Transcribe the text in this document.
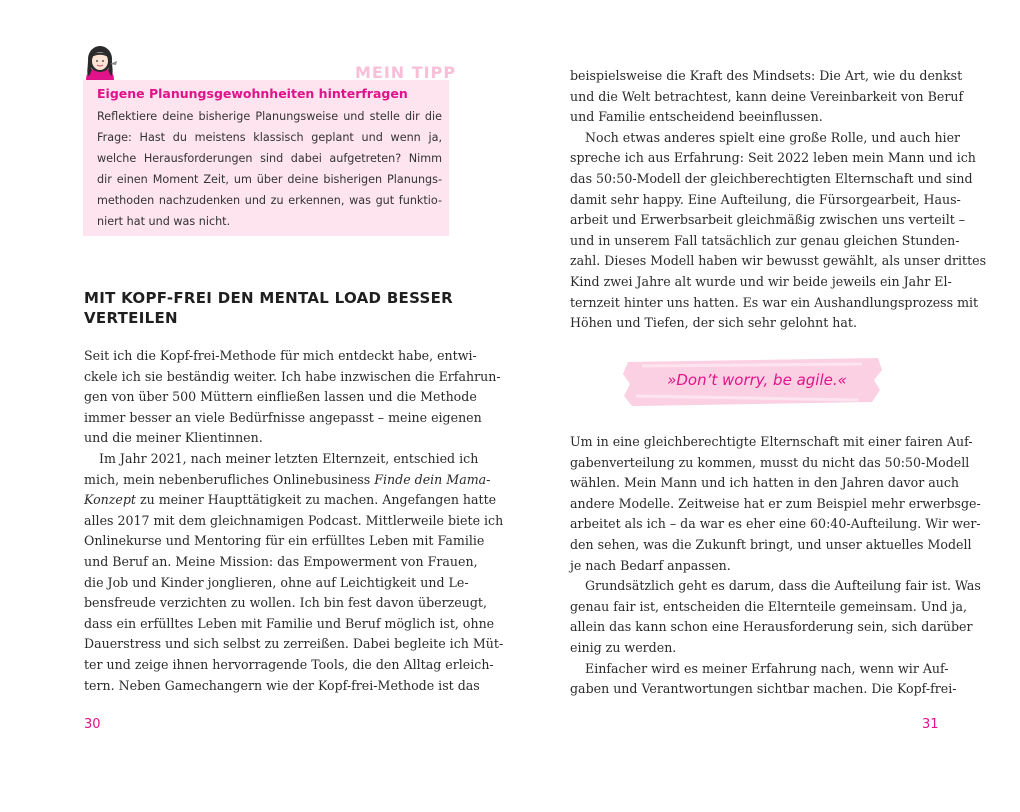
MEIN TIPP
Eigene Planungsgewohnheiten hinterfragen
Reflektiere deine bisherige Planungsweise und stelle dir die
Frage: Hast du meistens klassisch geplant und wenn ja,
welche Herausforderungen sind dabei aufgetreten? Nimm
dir einen Moment Zeit, um über deine bisherigen Planungs-
methoden nachzudenken und zu erkennen, was gut funktio-
niert hat und was nicht.
MIT KOPF-FREI DEN MENTAL LOAD BESSER
VERTEILEN
Seit ich die Kopf-frei-Methode für mich entdeckt habe, entwi-
ckele ich sie beständig weiter. Ich habe inzwischen die Erfahrun-
gen von über 500 Müttern einfließen lassen und die Methode
immer besser an viele Bedürfnisse angepasst – meine eigenen
und die meiner Klientinnen.
Im Jahr 2021, nach meiner letzten Elternzeit, entschied ich
mich, mein nebenberufliches Onlinebusiness Finde dein Mama-
Konzept zu meiner Haupttätigkeit zu machen. Angefangen hatte
alles 2017 mit dem gleichnamigen Podcast. Mittlerweile biete ich
Onlinekurse und Mentoring für ein erfülltes Leben mit Familie
und Beruf an. Meine Mission: das Empowerment von Frauen,
die Job und Kinder jonglieren, ohne auf Leichtigkeit und Le-
bensfreude verzichten zu wollen. Ich bin fest davon überzeugt,
dass ein erfülltes Leben mit Familie und Beruf möglich ist, ohne
Dauerstress und sich selbst zu zerreißen. Dabei begleite ich Müt-
ter und zeige ihnen hervorragende Tools, die den Alltag erleich-
tern. Neben Gamechangern wie der Kopf-frei-Methode ist das
30
beispielsweise die Kraft des Mindsets: Die Art, wie du denkst
und die Welt betrachtest, kann deine Vereinbarkeit von Beruf
und Familie entscheidend beeinflussen.
Noch etwas anderes spielt eine große Rolle, und auch hier
spreche ich aus Erfahrung: Seit 2022 leben mein Mann und ich
das 50:50-Modell der gleichberechtigten Elternschaft und sind
damit sehr happy. Eine Aufteilung, die Fürsorgearbeit, Haus-
arbeit und Erwerbsarbeit gleichmäßig zwischen uns verteilt –
und in unserem Fall tatsächlich zur genau gleichen Stunden-
zahl. Dieses Modell haben wir bewusst gewählt, als unser drittes
Kind zwei Jahre alt wurde und wir beide jeweils ein Jahr El-
ternzeit hinter uns hatten. Es war ein Aushandlungsprozess mit
Höhen und Tiefen, der sich sehr gelohnt hat.
»Don’t worry, be agile.«
Um in eine gleichberechtigte Elternschaft mit einer fairen Auf-
gabenverteilung zu kommen, musst du nicht das 50:50-Modell
wählen. Mein Mann und ich hatten in den Jahren davor auch
andere Modelle. Zeitweise hat er zum Beispiel mehr erwerbsge-
arbeitet als ich – da war es eher eine 60:40-Aufteilung. Wir wer-
den sehen, was die Zukunft bringt, und unser aktuelles Modell
je nach Bedarf anpassen.
Grundsätzlich geht es darum, dass die Aufteilung fair ist. Was
genau fair ist, entscheiden die Elternteile gemeinsam. Und ja,
allein das kann schon eine Herausforderung sein, sich darüber
einig zu werden.
Einfacher wird es meiner Erfahrung nach, wenn wir Auf-
gaben und Verantwortungen sichtbar machen. Die Kopf-frei-
31
